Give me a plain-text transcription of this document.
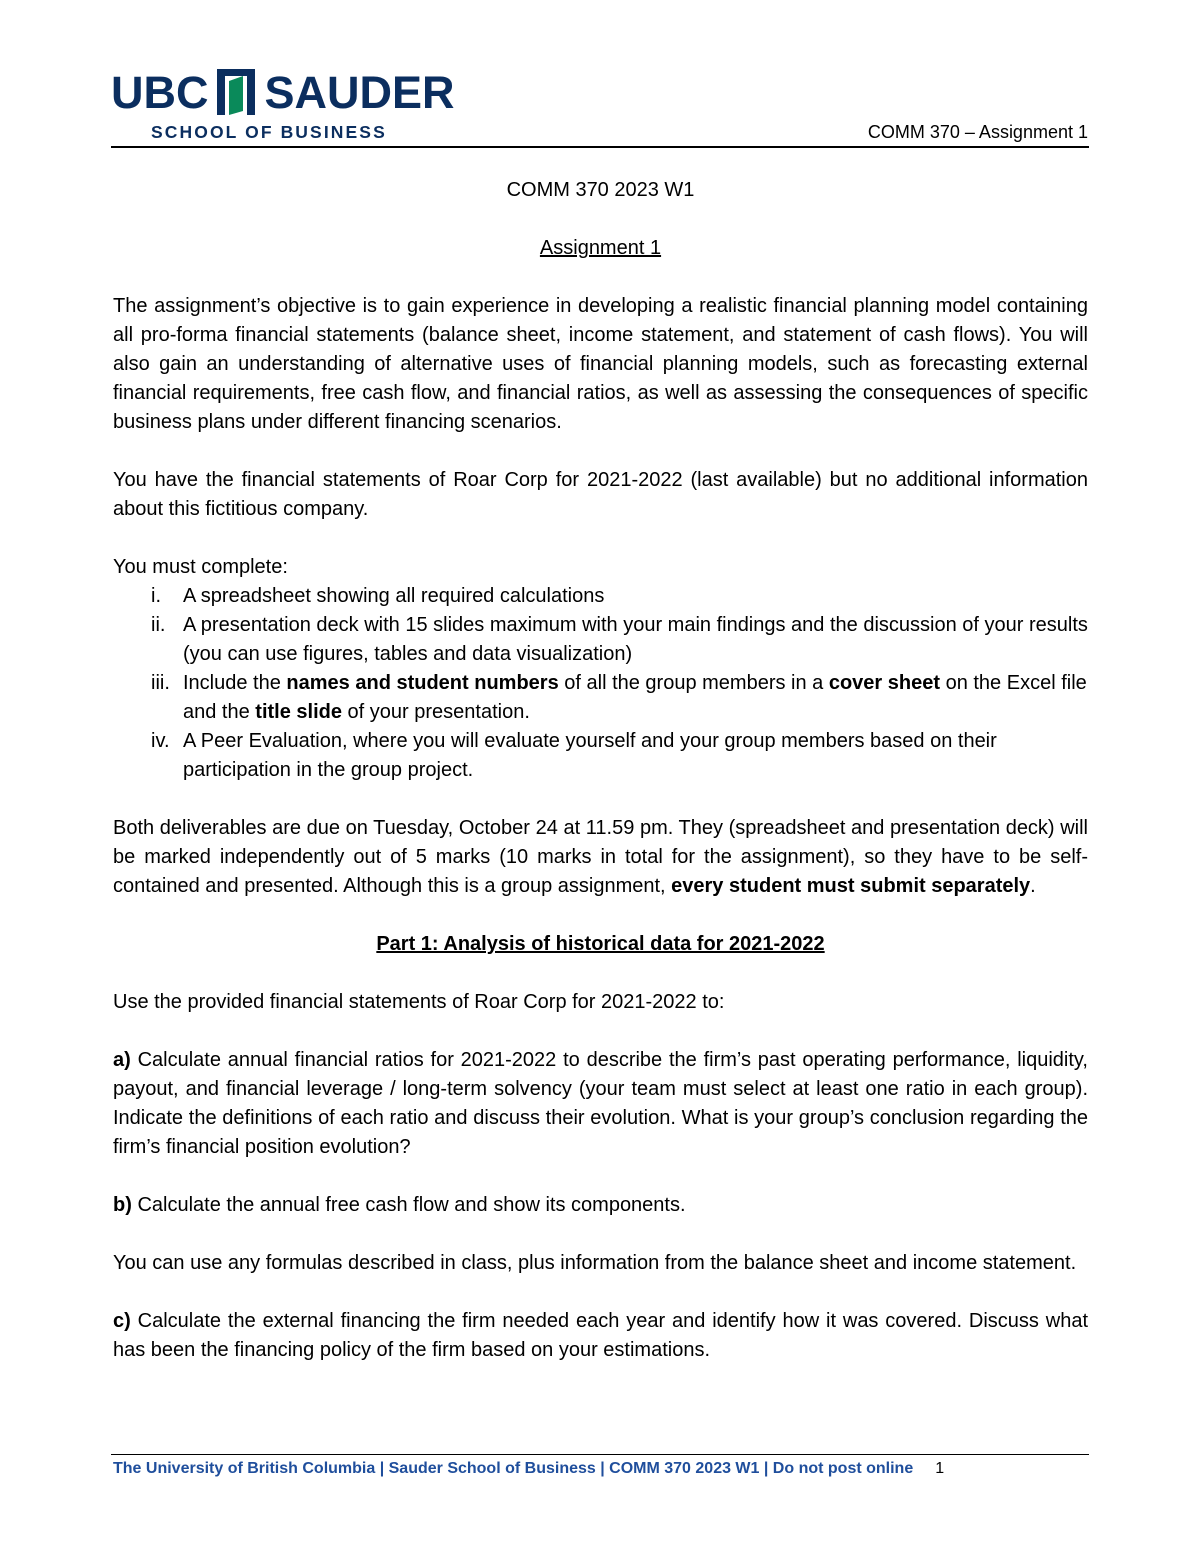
UBC SAUDER
SCHOOL OF BUSINESS	COMM 370 – Assignment 1

COMM 370 2023 W1

Assignment 1

The assignment’s objective is to gain experience in developing a realistic financial planning model containing all pro-forma financial statements (balance sheet, income statement, and statement of cash flows). You will also gain an understanding of alternative uses of financial planning models, such as forecasting external financial requirements, free cash flow, and financial ratios, as well as assessing the consequences of specific business plans under different financing scenarios.

You have the financial statements of Roar Corp for 2021-2022 (last available) but no additional information about this fictitious company.

You must complete:

i.	A spreadsheet showing all required calculations
ii. A presentation deck with 15 slides maximum with your main findings and the discussion of your results (you can use figures, tables and data visualization)
iii. Include the names and student numbers of all the group members in a cover sheet on the Excel file and the title slide of your presentation.
iv. A Peer Evaluation, where you will evaluate yourself and your group members based on their participation in the group project.

Both deliverables are due on Tuesday, October 24 at 11.59 pm. They (spreadsheet and presentation deck) will be marked independently out of 5 marks (10 marks in total for the assignment), so they have to be self-contained and presented. Although this is a group assignment, every student must submit separately.

Part 1: Analysis of historical data for 2021-2022

Use the provided financial statements of Roar Corp for 2021-2022 to:

a) Calculate annual financial ratios for 2021-2022 to describe the firm’s past operating performance, liquidity, payout, and financial leverage / long-term solvency (your team must select at least one ratio in each group). Indicate the definitions of each ratio and discuss their evolution. What is your group’s conclusion regarding the firm’s financial position evolution?

b) Calculate the annual free cash flow and show its components.

You can use any formulas described in class, plus information from the balance sheet and income statement.

c) Calculate the external financing the firm needed each year and identify how it was covered. Discuss what has been the financing policy of the firm based on your estimations.

The University of British Columbia | Sauder School of Business | COMM 370 2023 W1 | Do not post online 1
